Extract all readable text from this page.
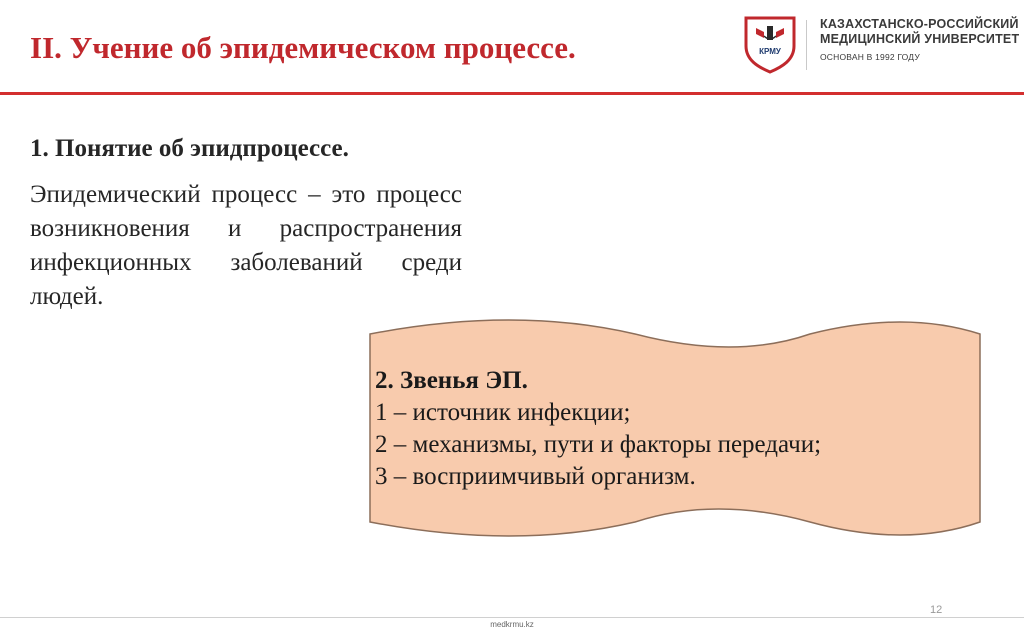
II. Учение об эпидемическом процессе.	КРМУ
КАЗАХСТАНСКО-РОССИЙСКИЙ
МЕДИЦИНСКИЙ УНИВЕРСИТЕТ
ОСНОВАН В 1992 ГОДУ
1. Понятие об эпидпроцессе.
Эпидемический процесс – это процесс возникновения и распространения инфекционных заболеваний среди людей.
2. Звенья ЭП.
1 – источник инфекции;
2 – механизмы, пути и факторы передачи;
3 – восприимчивый организм.
12
medkrmu.kz
